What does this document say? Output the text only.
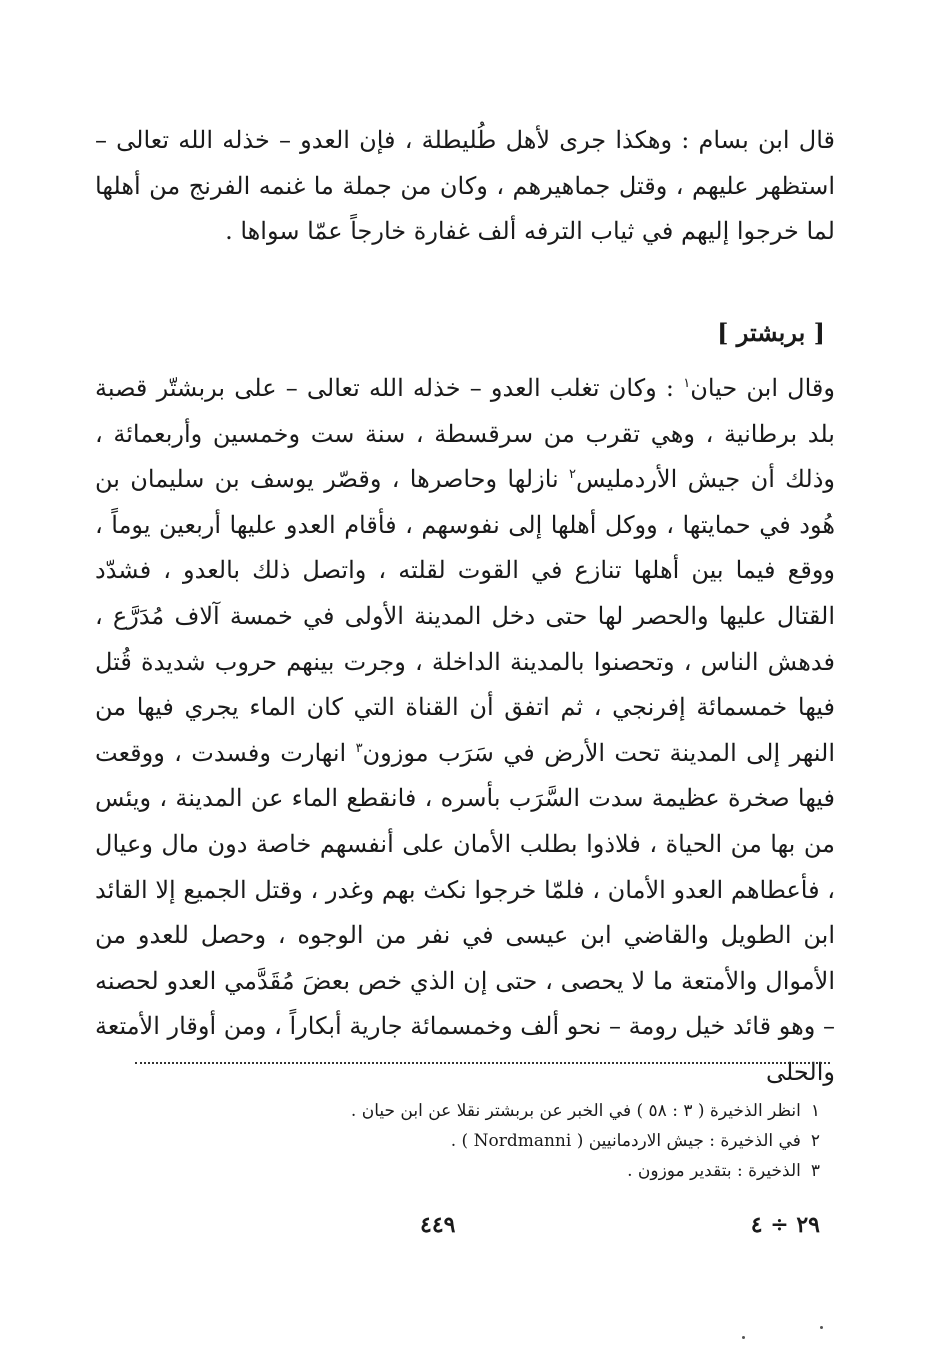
قال ابن بسام : وهكذا جرى لأهل طُليطلة ، فإن العدو – خذله الله تعالى – استظهر عليهم ، وقتل جماهيرهم ، وكان من جملة ما غنمه الفرنج من أهلها لما خرجوا إليهم في ثياب الترفه ألف غفارة خارجاً عمّا سواها .

[ بربشتر ]

وقال ابن حيان$^١$ : وكان تغلب العدو – خذله الله تعالى – على بربشتّر قصبة بلد برطانية ، وهي تقرب من سرقسطة ، سنة ست وخمسين وأربعمائة ، وذلك أن جيش الأردمليس$^٢$ نازلها وحاصرها ، وقصّر يوسف بن سليمان بن هُود في حمايتها ، ووكل أهلها إلى نفوسهم ، فأقام العدو عليها أربعين يوماً ، ووقع فيما بين أهلها تنازع في القوت لقلته ، واتصل ذلك بالعدو ، فشدّد القتال عليها والحصر لها حتى دخل المدينة الأولى في خمسة آلاف مُدَرَّع ، فدهش الناس ، وتحصنوا بالمدينة الداخلة ، وجرت بينهم حروب شديدة قُتل فيها خمسمائة إفرنجي ، ثم اتفق أن القناة التي كان الماء يجري فيها من النهر إلى المدينة تحت الأرض في سَرَب موزون$^٣$ انهارت وفسدت ، ووقعت فيها صخرة عظيمة سدت السَّرَب بأسره ، فانقطع الماء عن المدينة ، ويئس من بها من الحياة ، فلاذوا بطلب الأمان على أنفسهم خاصة دون مال وعيال ، فأعطاهم العدو الأمان ، فلمّا خرجوا نكث بهم وغدر ، وقتل الجميع إلا القائد ابن الطويل والقاضي ابن عيسى في نفر من الوجوه ، وحصل للعدو من الأموال والأمتعة ما لا يحصى ، حتى إن الذي خص بعضَ مُقَدَّمي العدو لحصنه – وهو قائد خيل رومة – نحو ألف وخمسمائة جارية أبكاراً ، ومن أوقار الأمتعة والحلى

١انظر الذخيرة ( ٣ : ٥٨ ) في الخبر عن بربشتر نقلا عن ابن حيان .
٢في الذخيرة : جيش الاردمانيين ( Nordmanni ) .
٣الذخيرة : بتقدير موزون .
٤٤٩	٢٩ ÷ ٤
